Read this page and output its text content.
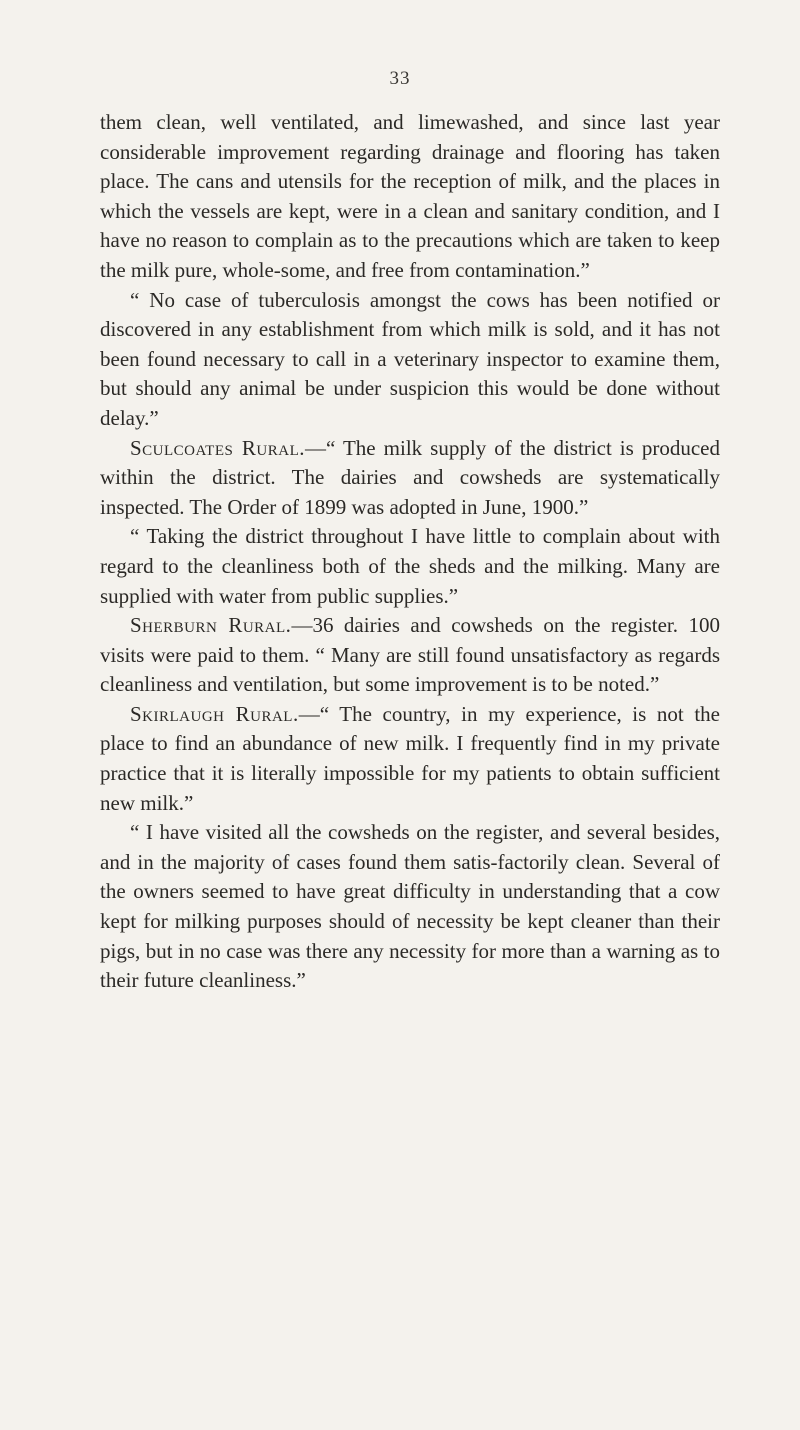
33

them clean, well ventilated, and limewashed, and since last year considerable improvement regarding drainage and flooring has taken place. The cans and utensils for the reception of milk, and the places in which the vessels are kept, were in a clean and sanitary condition, and I have no reason to complain as to the precautions which are taken to keep the milk pure, whole-some, and free from contamination.”

“ No case of tuberculosis amongst the cows has been notified or discovered in any establishment from which milk is sold, and it has not been found necessary to call in a veterinary inspector to examine them, but should any animal be under suspicion this would be done without delay.”

Sculcoates Rural.—“ The milk supply of the district is produced within the district. The dairies and cowsheds are systematically inspected. The Order of 1899 was adopted in June, 1900.”

“ Taking the district throughout I have little to complain about with regard to the cleanliness both of the sheds and the milking. Many are supplied with water from public supplies.”

Sherburn Rural.—36 dairies and cowsheds on the register. 100 visits were paid to them. “ Many are still found unsatisfactory as regards cleanliness and ventilation, but some improvement is to be noted.”

Skirlaugh Rural.—“ The country, in my experience, is not the place to find an abundance of new milk. I frequently find in my private practice that it is literally impossible for my patients to obtain sufficient new milk.”

“ I have visited all the cowsheds on the register, and several besides, and in the majority of cases found them satis-factorily clean. Several of the owners seemed to have great difficulty in understanding that a cow kept for milking purposes should of necessity be kept cleaner than their pigs, but in no case was there any necessity for more than a warning as to their future cleanliness.”
